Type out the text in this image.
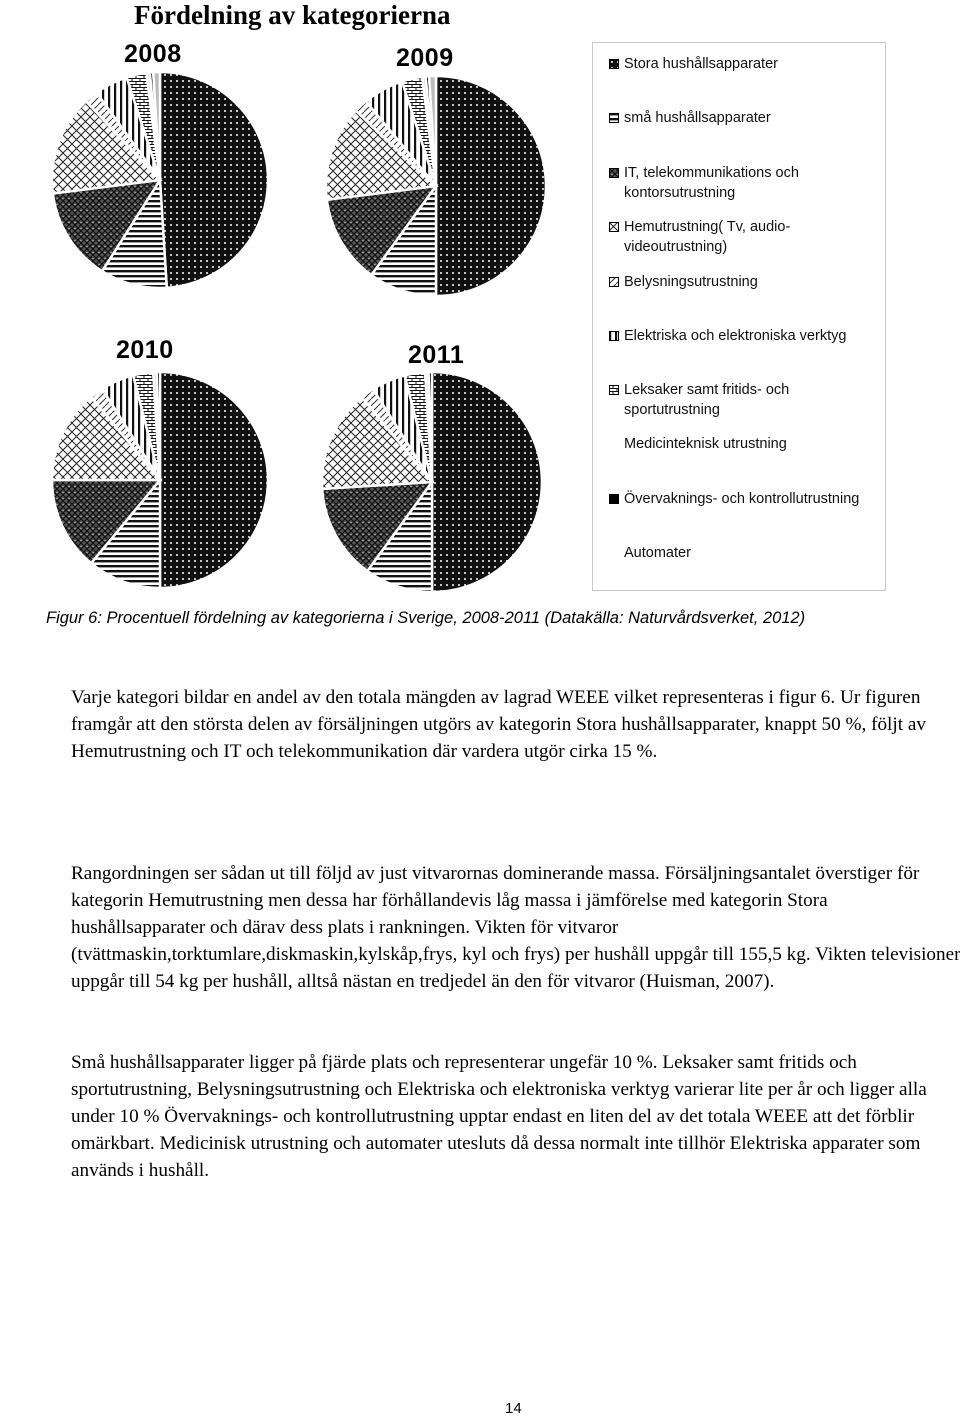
Fördelning av kategorierna
2008	2009
2010	2011
Stora hushållsapparater
små hushållsapparater
IT, telekommunikations och kontorsutrustning
Hemutrustning( Tv, audio-videoutrustning)
Belysningsutrustning
Elektriska och elektroniska verktyg
Leksaker samt fritids- och sportutrustning
Medicinteknisk utrustning
Övervaknings- och kontrollutrustning
Automater

Figur 6: Procentuell fördelning av kategorierna i Sverige, 2008-2011 (Datakälla: Naturvårdsverket, 2012)

Varje kategori bildar en andel av den totala mängden av lagrad WEEE vilket representeras i figur 6. Ur figuren framgår att den största delen av försäljningen utgörs av kategorin Stora hushållsapparater, knappt 50 %, följt av Hemutrustning och IT och telekommunikation där vardera utgör cirka 15 %.

Rangordningen ser sådan ut till följd av just vitvarornas dominerande massa. Försäljningsantalet överstiger för kategorin Hemutrustning men dessa har förhållandevis låg massa i jämförelse med kategorin Stora hushållsapparater och därav dess plats i rankningen. Vikten för vitvaror (tvättmaskin,torktumlare,diskmaskin,kylskåp,frys, kyl och frys) per hushåll uppgår till 155,5 kg. Vikten televisioner uppgår till 54 kg per hushåll, alltså nästan en tredjedel än den för vitvaror (Huisman, 2007).

Små hushållsapparater ligger på fjärde plats och representerar ungefär 10 %. Leksaker samt fritids och sportutrustning, Belysningsutrustning och Elektriska och elektroniska verktyg varierar lite per år och ligger alla under 10 % Övervaknings- och kontrollutrustning upptar endast en liten del av det totala WEEE att det förblir omärkbart. Medicinisk utrustning och automater utesluts då dessa normalt inte tillhör Elektriska apparater som används i hushåll.

14
